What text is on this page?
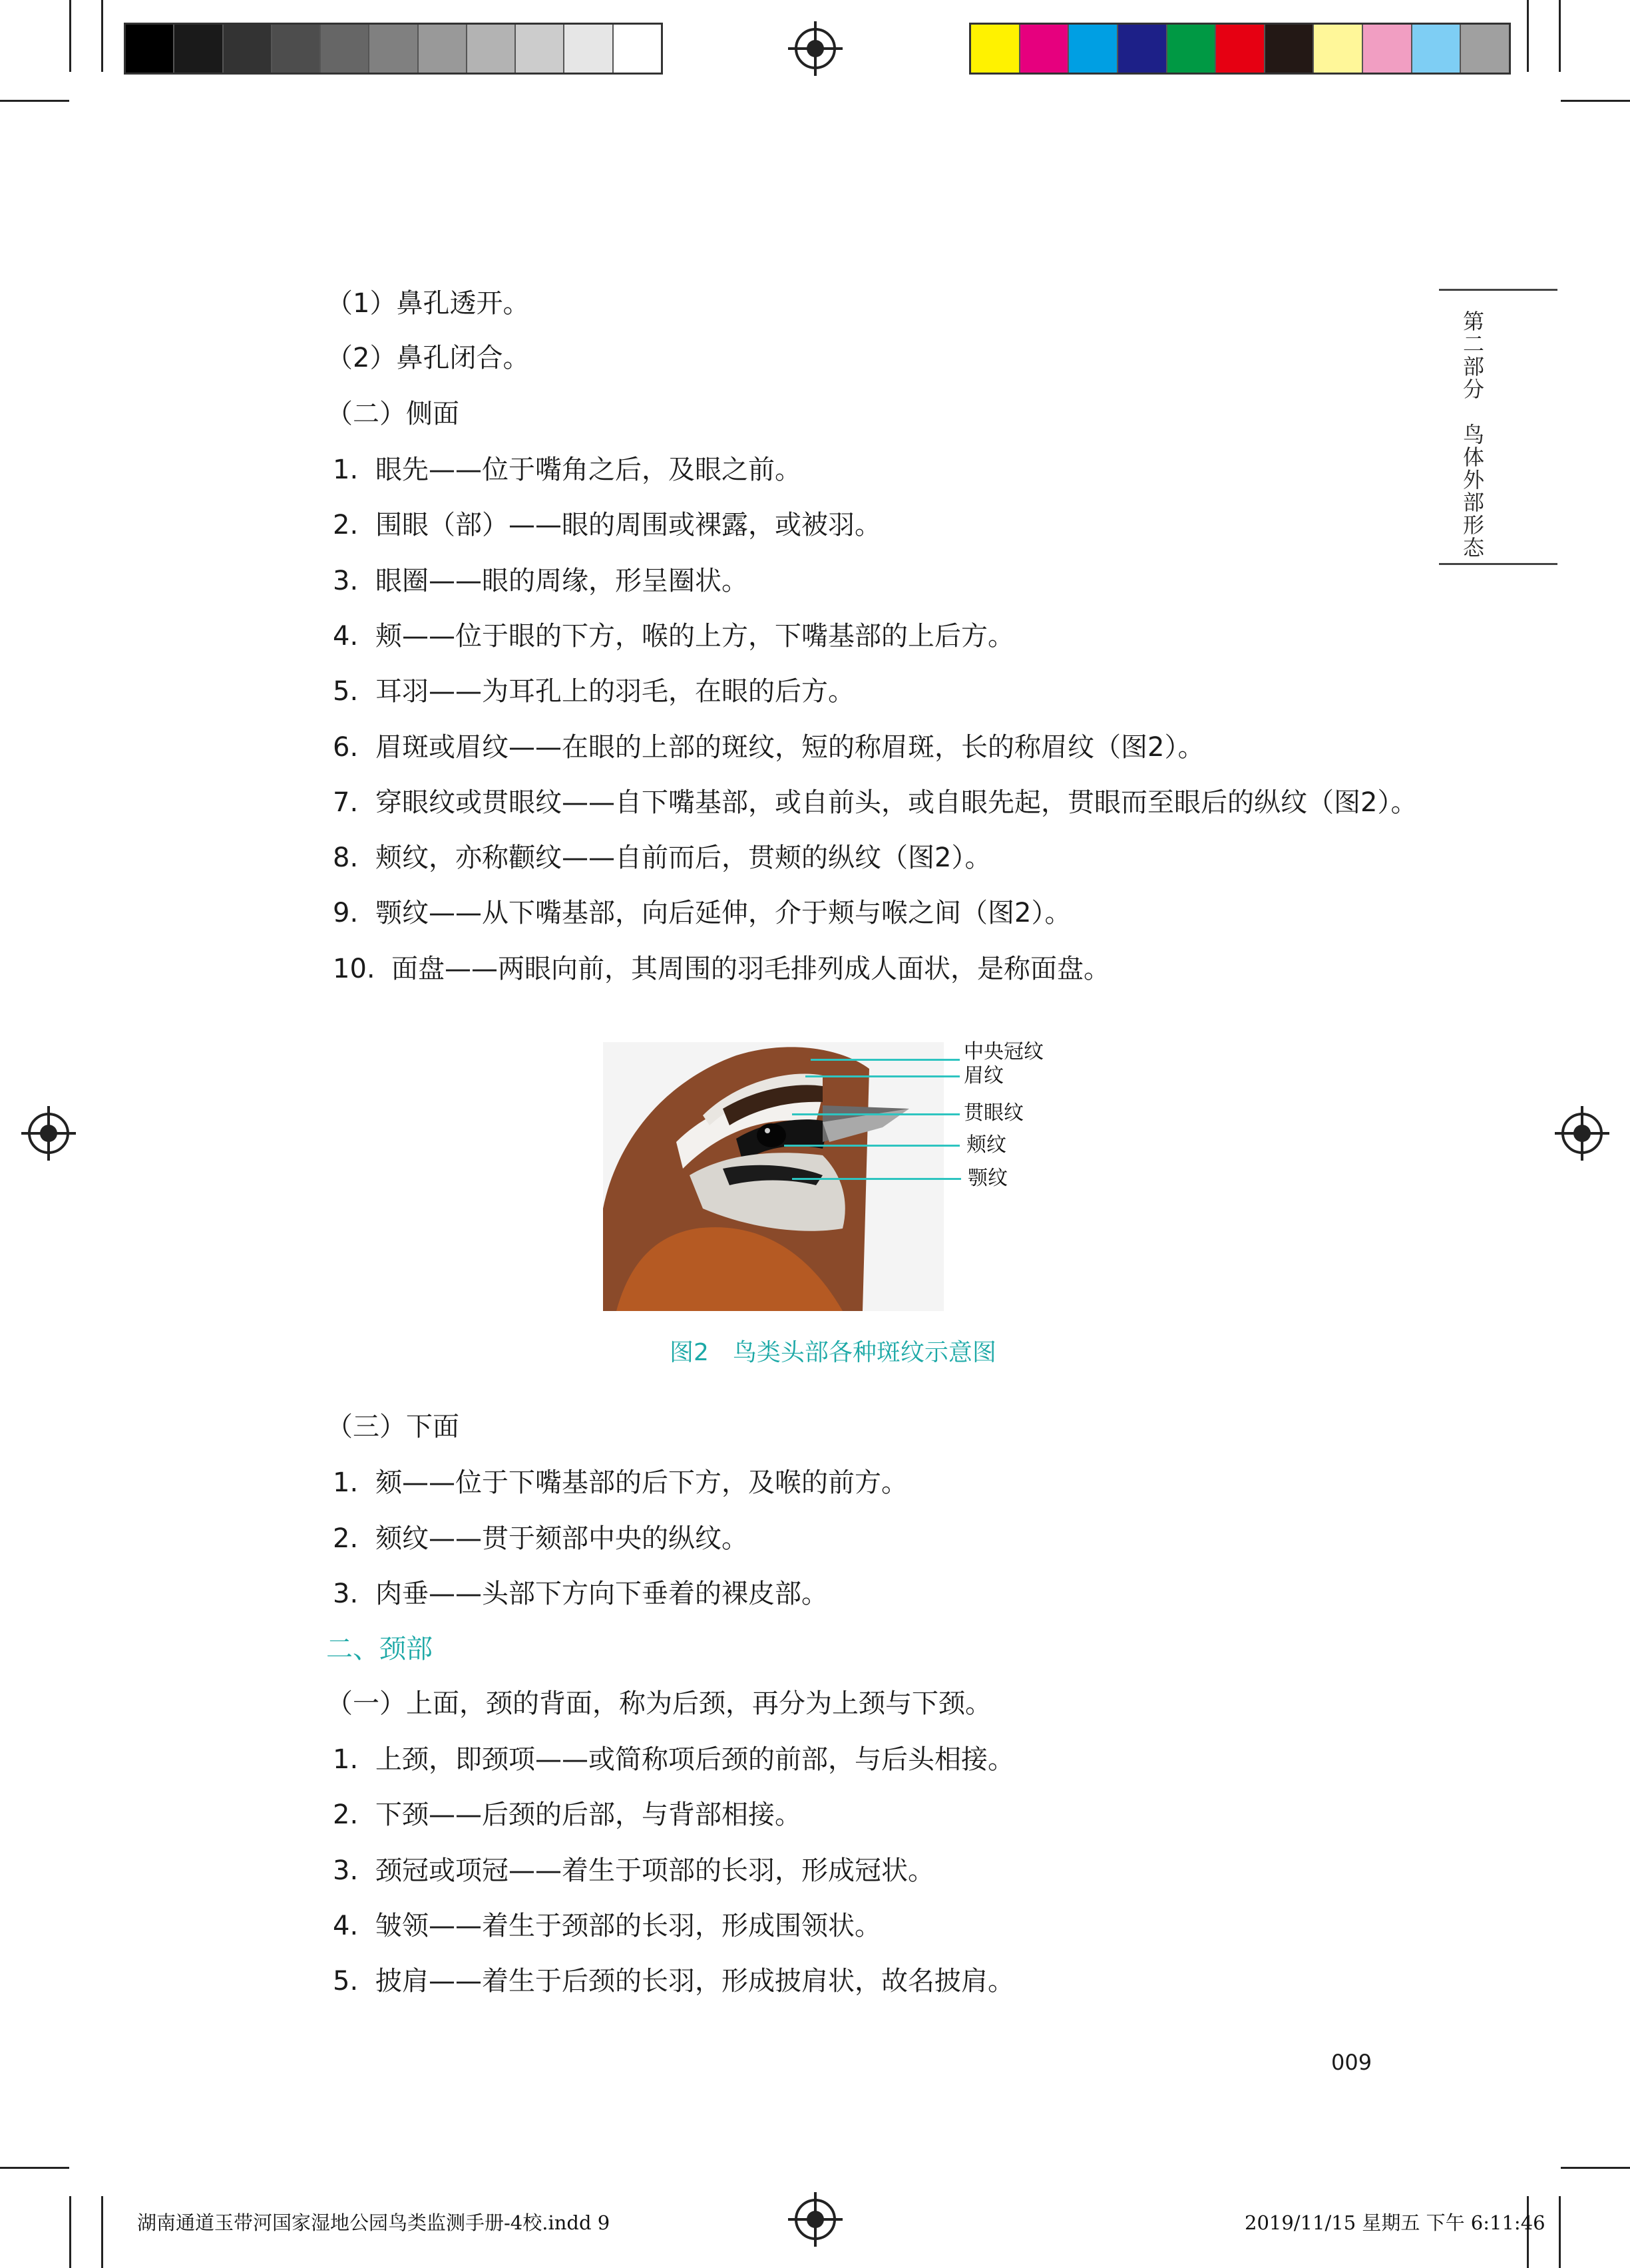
第二部分　鸟体外部形态
（1）鼻孔透开。
（2）鼻孔闭合。
（二）侧面
1. 眼先——位于嘴角之后，及眼之前。
2. 围眼（部）——眼的周围或裸露，或被羽。
3. 眼圈——眼的周缘，形呈圈状。
4. 颊——位于眼的下方，喉的上方，下嘴基部的上后方。
5. 耳羽——为耳孔上的羽毛，在眼的后方。
6. 眉斑或眉纹——在眼的上部的斑纹，短的称眉斑，长的称眉纹（图2）。
7. 穿眼纹或贯眼纹——自下嘴基部，或自前头，或自眼先起，贯眼而至眼后的纵纹（图2）。
8. 颊纹，亦称颧纹——自前而后，贯颊的纵纹（图2）。
9. 颚纹——从下嘴基部，向后延伸，介于颊与喉之间（图2）。
10. 面盘——两眼向前，其周围的羽毛排列成人面状，是称面盘。
中央冠纹
眉纹
贯眼纹
颊纹
颚纹
图2　鸟类头部各种斑纹示意图
（三）下面
1. 颏——位于下嘴基部的后下方，及喉的前方。
2. 颏纹——贯于颏部中央的纵纹。
3. 肉垂——头部下方向下垂着的裸皮部。
二、颈部
（一）上面，颈的背面，称为后颈，再分为上颈与下颈。
1. 上颈，即颈项——或简称项后颈的前部，与后头相接。
2. 下颈——后颈的后部，与背部相接。
3. 颈冠或项冠——着生于项部的长羽，形成冠状。
4. 皱领——着生于颈部的长羽，形成围领状。
5. 披肩——着生于后颈的长羽，形成披肩状，故名披肩。
009
湖南通道玉带河国家湿地公园鸟类监测手册-4校.indd 9	2019/11/15 星期五 下午 6:11:46
